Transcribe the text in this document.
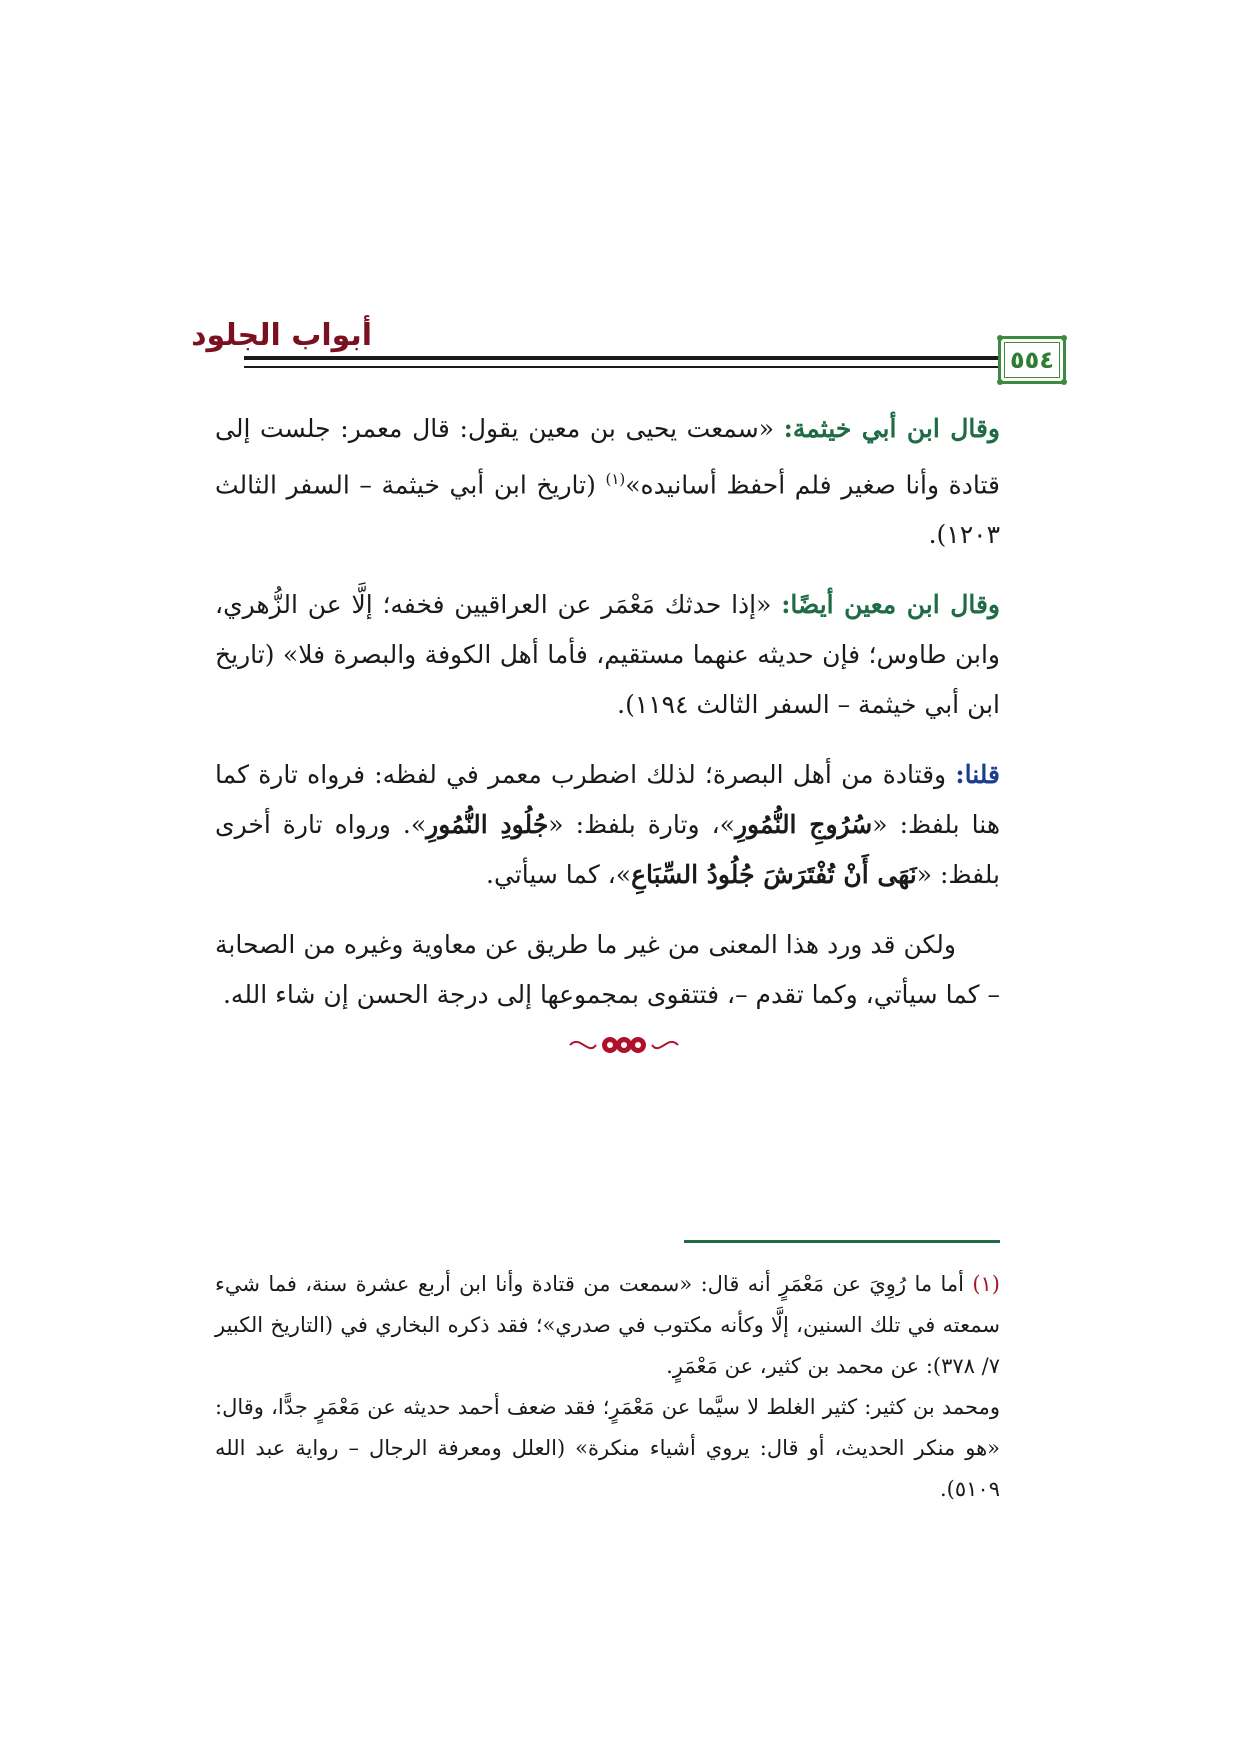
أبواب الجلود
٥٥٤

وقال ابن أبي خيثمة: «سمعت يحيى بن معين يقول: قال معمر: جلست إلى قتادة وأنا صغير فلم أحفظ أسانيده»$^{(١)}$ (تاريخ ابن أبي خيثمة – السفر الثالث ١٢٠٣).

وقال ابن معين أيضًا: «إذا حدثك مَعْمَر عن العراقيين فخفه؛ إلَّا عن الزُّهري، وابن طاوس؛ فإن حديثه عنهما مستقيم، فأما أهل الكوفة والبصرة فلا» (تاريخ ابن أبي خيثمة – السفر الثالث ١١٩٤).

قلنا: وقتادة من أهل البصرة؛ لذلك اضطرب معمر في لفظه: فرواه تارة كما هنا بلفظ: «سُرُوجِ النُّمُورِ»، وتارة بلفظ: «جُلُودِ النُّمُورِ». ورواه تارة أخرى بلفظ: «نَهَى أَنْ تُفْتَرَشَ جُلُودُ السِّبَاعِ»، كما سيأتي.

ولكن قد ورد هذا المعنى من غير ما طريق عن معاوية وغيره من الصحابة – كما سيأتي، وكما تقدم –، فتتقوى بمجموعها إلى درجة الحسن إن شاء الله.

(١) أما ما رُوِيَ عن مَعْمَرٍ أنه قال: «سمعت من قتادة وأنا ابن أربع عشرة سنة، فما شيء سمعته في تلك السنين، إلَّا وكأنه مكتوب في صدري»؛ فقد ذكره البخاري في (التاريخ الكبير ٧/ ٣٧٨): عن محمد بن كثير، عن مَعْمَرٍ.

ومحمد بن كثير: كثير الغلط لا سيَّما عن مَعْمَرٍ؛ فقد ضعف أحمد حديثه عن مَعْمَرٍ جدًّا، وقال: «هو منكر الحديث، أو قال: يروي أشياء منكرة» (العلل ومعرفة الرجال – رواية عبد الله ٥١٠٩).
